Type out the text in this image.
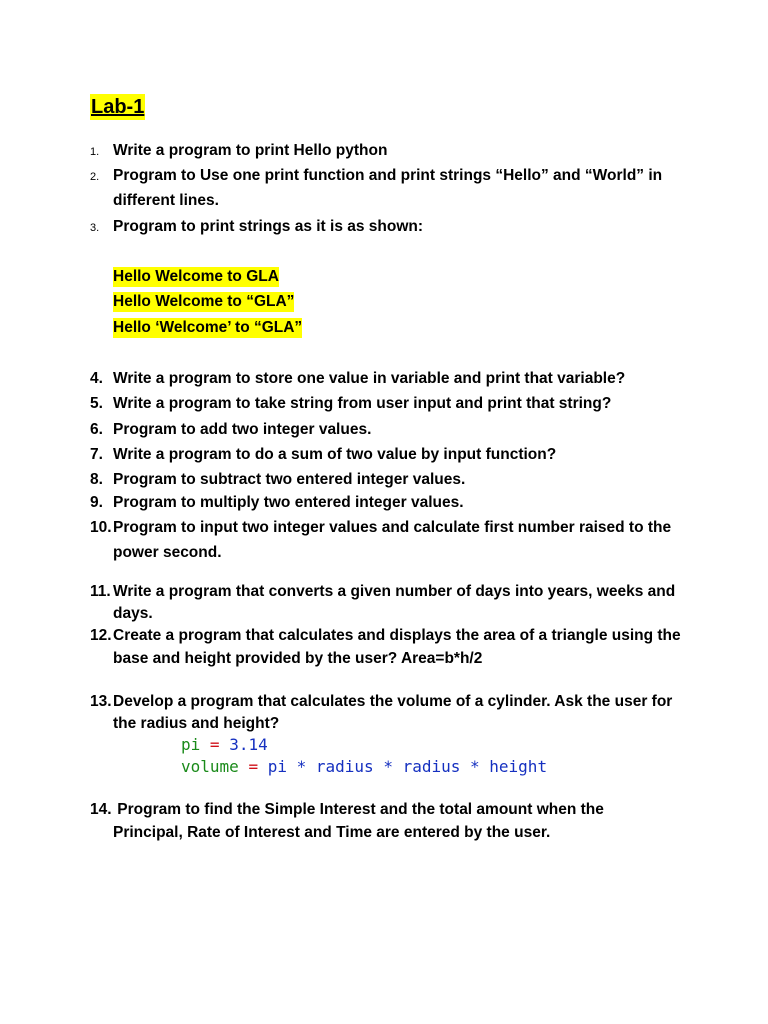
Lab-1
1. Write a program to print Hello python
2. Program to Use one print function and print strings “Hello” and “World” in
different lines.
3. Program to print strings as it is as shown:
Hello Welcome to GLA
Hello Welcome to “GLA”
Hello ‘Welcome’ to “GLA”
4. Write a program to store one value in variable and print that variable?
5. Write a program to take string from user input and print that string?
6. Program to add two integer values.
7. Write a program to do a sum of two value by input function?
8. Program to subtract two entered integer values.
9. Program to multiply two entered integer values.
10.Program to input two integer values and calculate first number raised to the
power second.
11. Write a program that converts a given number of days into years, weeks and
days.
12.Create a program that calculates and displays the area of a triangle using the
base and height provided by the user? Area=b*h/2
13.Develop a program that calculates the volume of a cylinder. Ask the user for
the radius and height?
pi = 3.14
volume = pi * radius * radius * height
14. Program to find the Simple Interest and the total amount when the
Principal, Rate of Interest and Time are entered by the user.
